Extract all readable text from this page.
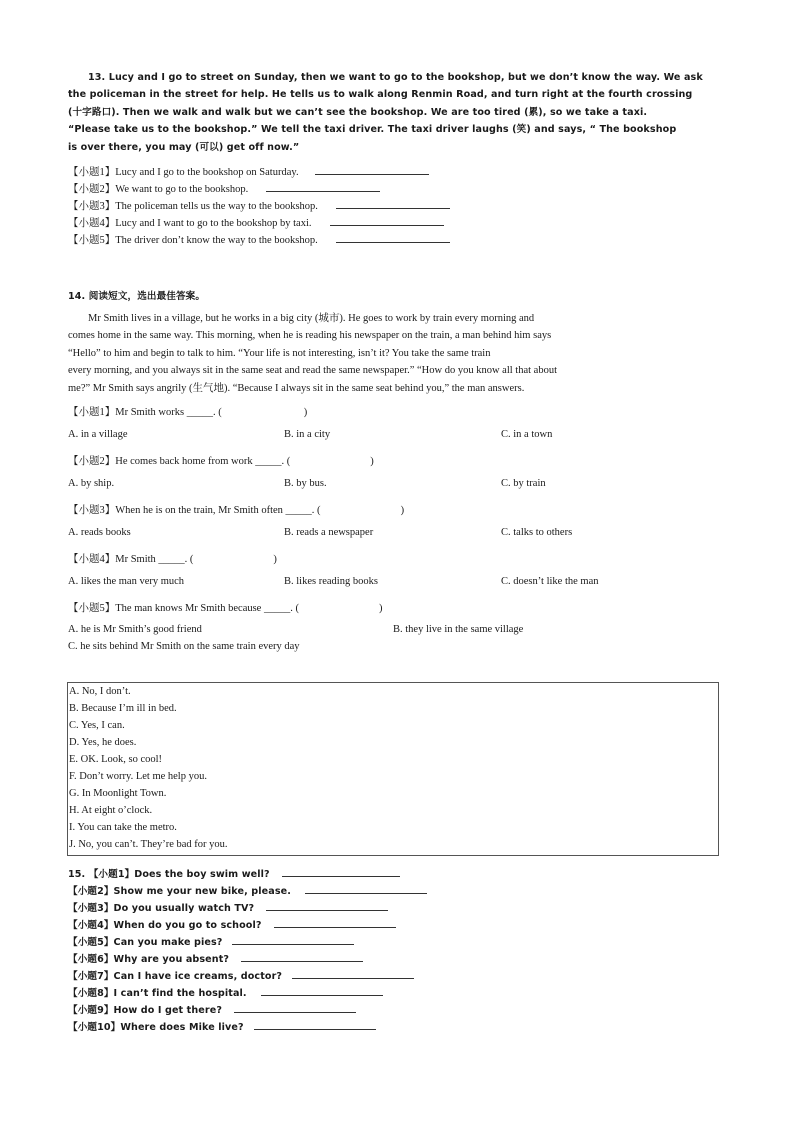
13. Lucy and I go to street on Sunday, then we want to go to the bookshop, but we don’t know the way. We ask
the policeman in the street for help. He tells us to walk along Renmin Road, and turn right at the fourth crossing
(十字路口). Then we walk and walk but we can’t see the bookshop. We are too tired (累), so we take a taxi.
“Please take us to the bookshop.” We tell the taxi driver. The taxi driver laughs (笑) and says, “ The bookshop
is over there, you may (可以) get off now.”
【小题1】Lucy and I go to the bookshop on Saturday.
【小题2】We want to go to the bookshop.
【小题3】The policeman tells us the way to the bookshop.
【小题4】Lucy and I want to go to the bookshop by taxi.
【小题5】The driver don’t know the way to the bookshop.
14. 阅读短文，选出最佳答案。
Mr Smith lives in a village, but he works in a big city (城市). He goes to work by train every morning and
comes home in the same way. This morning, when he is reading his newspaper on the train, a man behind him says
“Hello” to him and begin to talk to him. “Your life is not interesting, isn’t it? You take the same train
every morning, and you always sit in the same seat and read the same newspaper.” “How do you know all that about
me?” Mr Smith says angrily (生气地). “Because I always sit in the same seat behind you,” the man answers.
【小题1】Mr Smith works _____. (	)
A. in a village	B. in a city	C. in a town
【小题2】He comes back home from work _____. (	)
A. by ship.	B. by bus.	C. by train
【小题3】When he is on the train, Mr Smith often _____. (	)
A. reads books	B. reads a newspaper	C. talks to others
【小题4】Mr Smith _____. (	)
A. likes the man very much	B. likes reading books	C. doesn’t like the man
【小题5】The man knows Mr Smith because _____. (	)
A. he is Mr Smith’s good friend	B. they live in the same village
C. he sits behind Mr Smith on the same train every day
A. No, I don’t.
B. Because I’m ill in bed.
C. Yes, I can.
D. Yes, he does.
E. OK. Look, so cool!
F. Don’t worry. Let me help you.
G. In Moonlight Town.
H. At eight o’clock.
I. You can take the metro.
J. No, you can’t. They’re bad for you.
15. 【小题1】Does the boy swim well?
【小题2】Show me your new bike, please.
【小题3】Do you usually watch TV?
【小题4】When do you go to school?
【小题5】Can you make pies?
【小题6】Why are you absent?
【小题7】Can I have ice creams, doctor?
【小题8】I can’t find the hospital.
【小题9】How do I get there?
【小题10】Where does Mike live?
